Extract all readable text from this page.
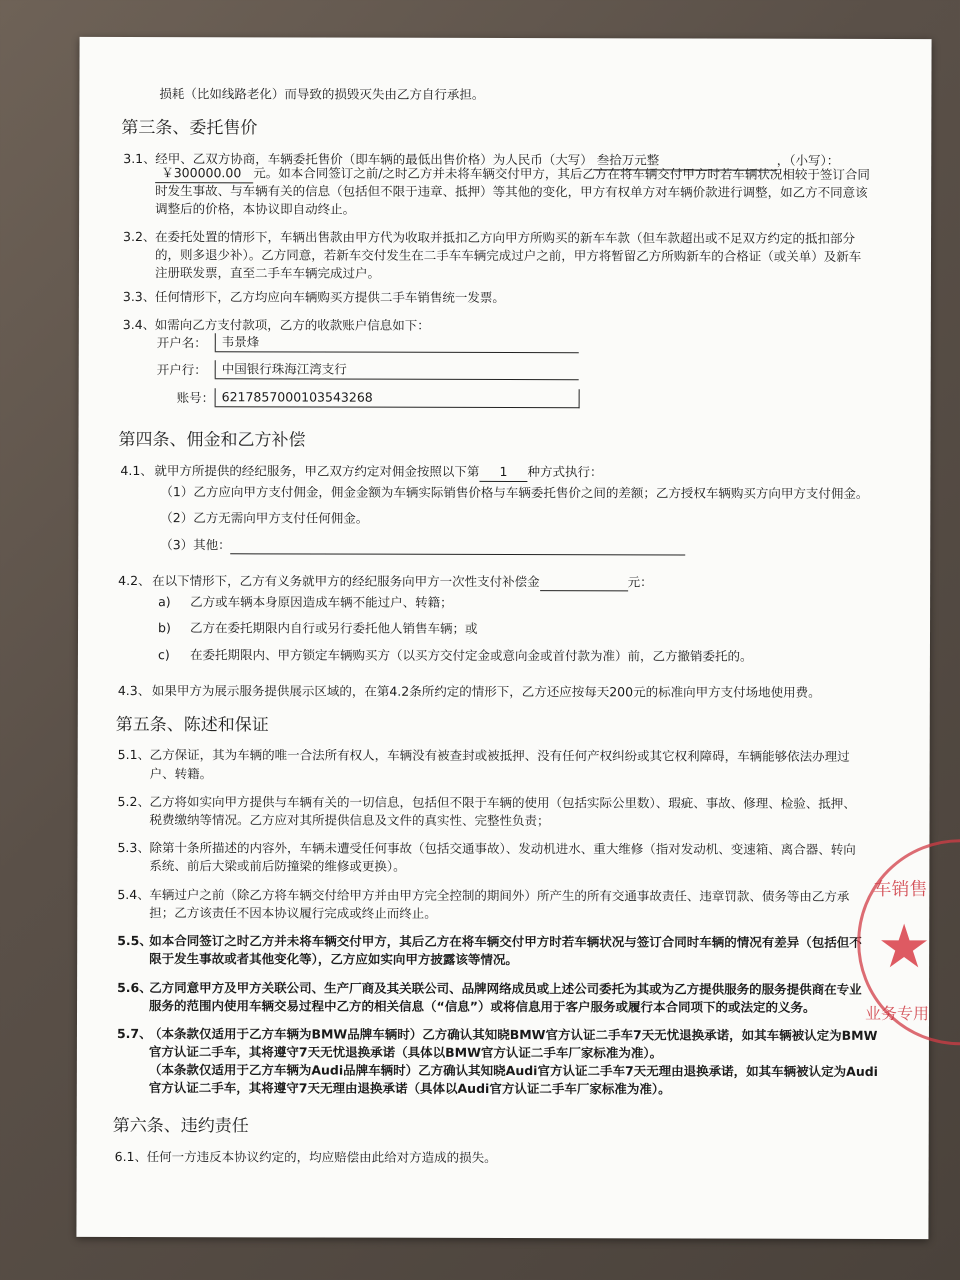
损耗（比如线路老化）而导致的损毁灭失由乙方自行承担。
第三条、委托售价
3.1、 经甲、乙双方协商，车辆委托售价（即车辆的最低出售价格）为人民币（大写） 叁拾万元整	，（小写）：
￥300000.00 元。如本合同签订之前/之时乙方并未将车辆交付甲方，其后乙方在将车辆交付甲方时若车辆状况相较于签订合同
时发生事故、与车辆有关的信息（包括但不限于违章、抵押）等其他的变化，甲方有权单方对车辆价款进行调整，如乙方不同意该
调整后的价格，本协议即自动终止。
3.2、 在委托处置的情形下，车辆出售款由甲方代为收取并抵扣乙方向甲方所购买的新车车款（但车款超出或不足双方约定的抵扣部分
的，则多退少补）。乙方同意，若新车交付发生在二手车车辆完成过户之前，甲方将暂留乙方所购新车的合格证（或关单）及新车
注册联发票，直至二手车车辆完成过户。
3.3、 任何情形下，乙方均应向车辆购买方提供二手车销售统一发票。
3.4、 如需向乙方支付款项，乙方的收款账户信息如下：
开户名：	韦景烽
开户行：	中国银行珠海江湾支行
账号： 6217857000103543268
第四条、佣金和乙方补偿
4.1、 就甲方所提供的经纪服务，甲乙双方约定对佣金按照以下第 1 种方式执行：
（1）乙方应向甲方支付佣金，佣金金额为车辆实际销售价格与车辆委托售价之间的差额；乙方授权车辆购买方向甲方支付佣金。
（2）乙方无需向甲方支付任何佣金。
（3）其他：
4.2、 在以下情形下，乙方有义务就甲方的经纪服务向甲方一次性支付补偿金	元：
a) 乙方或车辆本身原因造成车辆不能过户、转籍；
b) 乙方在委托期限内自行或另行委托他人销售车辆；或
c) 在委托期限内、甲方锁定车辆购买方（以买方交付定金或意向金或首付款为准）前，乙方撤销委托的。
4.3、 如果甲方为展示服务提供展示区域的，在第4.2条所约定的情形下，乙方还应按每天200元的标准向甲方支付场地使用费。
第五条、陈述和保证
5.1、 乙方保证，其为车辆的唯一合法所有权人，车辆没有被查封或被抵押、没有任何产权纠纷或其它权利障碍，车辆能够依法办理过
户、转籍。
5.2、 乙方将如实向甲方提供与车辆有关的一切信息，包括但不限于车辆的使用（包括实际公里数）、瑕疵、事故、修理、检验、抵押、
税费缴纳等情况。乙方应对其所提供信息及文件的真实性、完整性负责；
5.3、 除第十条所描述的内容外，车辆未遭受任何事故（包括交通事故）、发动机进水、重大维修（指对发动机、变速箱、离合器、转向
系统、前后大梁或前后防撞梁的维修或更换）。
5.4、 车辆过户之前（除乙方将车辆交付给甲方并由甲方完全控制的期间外）所产生的所有交通事故责任、违章罚款、债务等由乙方承
担；乙方该责任不因本协议履行完成或终止而终止。
5.5、
如本合同签订之时乙方并未将车辆交付甲方，其后乙方在将车辆交付甲方时若车辆状况与签订合同时车辆的情况有差异（包括但不
限于发生事故或者其他变化等），乙方应如实向甲方披露该等情况。
5.6、
乙方同意甲方及甲方关联公司、生产厂商及其关联公司、品牌网络成员或上述公司委托为其或为乙方提供服务的服务提供商在专业
服务的范围内使用车辆交易过程中乙方的相关信息（“信息”）或将信息用于客户服务或履行本合同项下的或法定的义务。
5.7、
（本条款仅适用于乙方车辆为BMW品牌车辆时）乙方确认其知晓BMW官方认证二手车7天无忧退换承诺，如其车辆被认定为BMW
官方认证二手车，其将遵守7天无忧退换承诺（具体以BMW官方认证二手车厂家标准为准）。
（本条款仅适用于乙方车辆为Audi品牌车辆时）乙方确认其知晓Audi官方认证二手车7天无理由退换承诺，如其车辆被认定为Audi
官方认证二手车，其将遵守7天无理由退换承诺（具体以Audi官方认证二手车厂家标准为准）。
第六条、违约责任
6.1、 任何一方违反本协议约定的，均应赔偿由此给对方造成的损失。
车销售
★
业务专用
